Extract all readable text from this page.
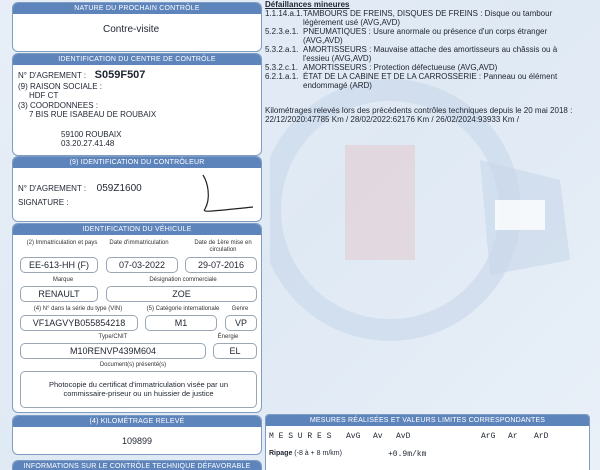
NATURE DU PROCHAIN CONTRÔLE
Contre-visite
IDENTIFICATION DU CENTRE DE CONTRÔLE
N° D'AGREMENT : S059F507
(9) RAISON SOCIALE :
HDF CT
(3) COORDONNEES :
7 BIS RUE ISABEAU DE ROUBAIX
59100 ROUBAIX
03.20.27.41.48
(9) IDENTIFICATION DU CONTRÔLEUR
N° D'AGREMENT : 059Z1600
SIGNATURE :
IDENTIFICATION DU VÉHICULE
(2) Immatriculation et pays	Date d'immatriculation	Date de 1ère mise en circulation
EE-613-HH (F)	07-03-2022	29-07-2016
Marque	Désignation commerciale
RENAULT	ZOE
(4) N° dans la série du type (VIN)	(5) Catégorie internationale	Genre
VF1AGVYB055854218	M1	VP
Type/CNIT	Énergie
M10RENVP439M604	EL
Document(s) présenté(s)
Photocopie du certificat d'immatriculation visée par un
commissaire-priseur ou un huissier de justice
(4) KILOMÉTRAGE RELEVÉ
109899
INFORMATIONS SUR LE CONTRÔLE TECHNIQUE DÉFAVORABLE
Défaillances mineures
1.1.14.a.1. TAMBOURS DE FREINS, DISQUES DE FREINS : Disque ou tambour
légèrement usé (AVG,AVD)
5.2.3.e.1. PNEUMATIQUES : Usure anormale ou présence d'un corps étranger
(AVG,AVD)
5.3.2.a.1. AMORTISSEURS : Mauvaise attache des amortisseurs au châssis ou à
l'essieu (AVG,AVD)
5.3.2.c.1. AMORTISSEURS : Protection défectueuse (AVG,AVD)
6.2.1.a.1. ÉTAT DE LA CABINE ET DE LA CARROSSERIE : Panneau ou élément
endommagé (ARD)
Kilométrages relevés lors des précédents contrôles techniques depuis le 20 mai 2018 :
22/12/2020:47785 Km / 28/02/2022:62176 Km / 26/02/2024:93933 Km /
MESURES RÉALISÉES ET VALEURS LIMITES CORRESPONDANTES
M E S U R E S AvG Av AvD	ArG Ar ArD
Ripage (-8 à + 8 m/km)	+0.9m/km
